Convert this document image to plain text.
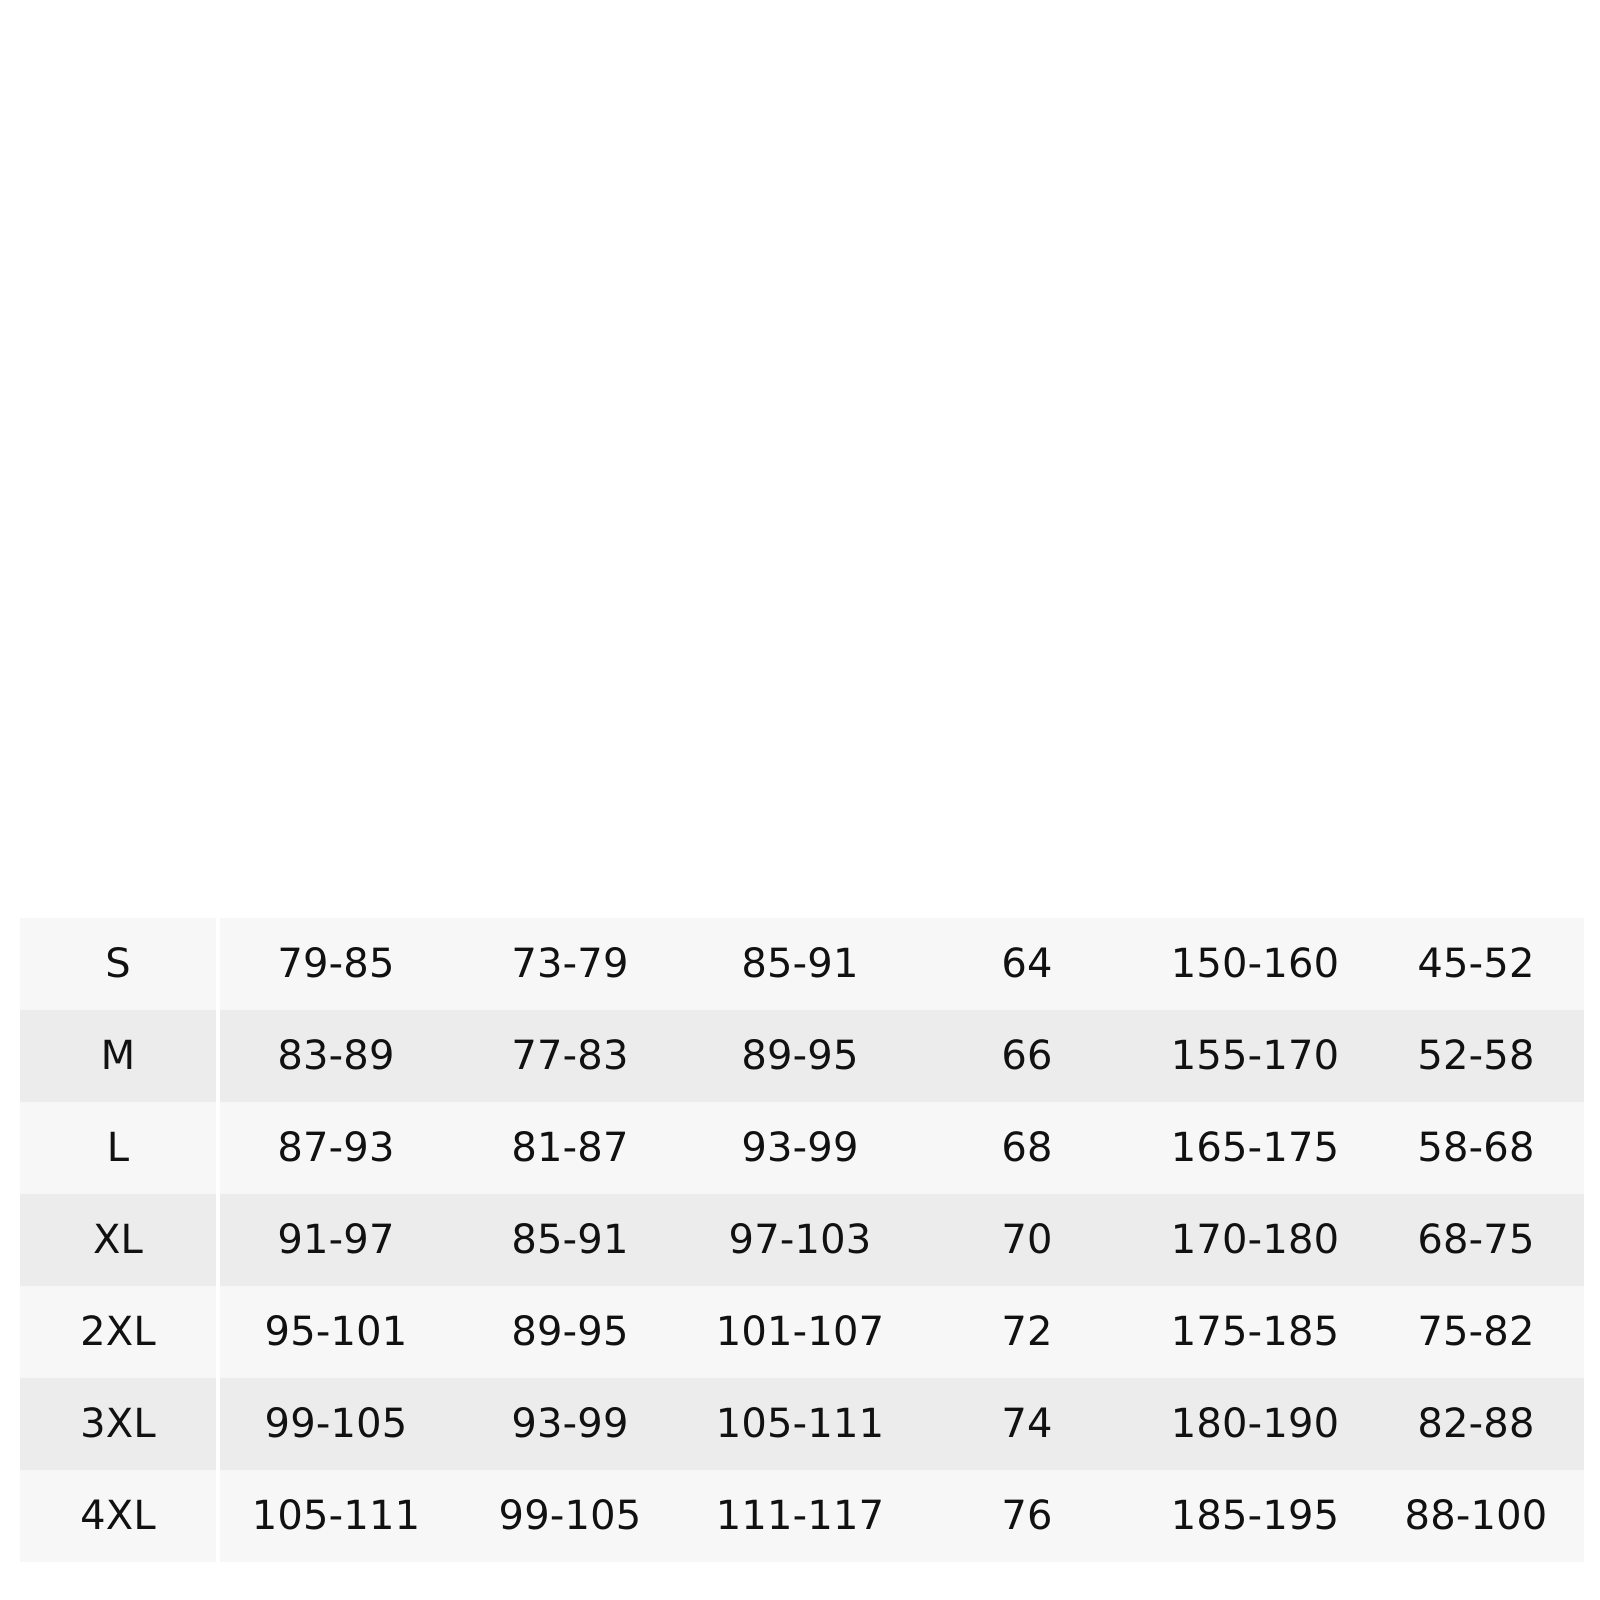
S	79-85	73-79	85-91	64	150-160	45-52
M	83-89	77-83	89-95	66	155-170	52-58
L	87-93	81-87	93-99	68	165-175	58-68
XL	91-97	85-91	97-103	70	170-180	68-75
2XL	95-101	89-95	101-107	72	175-185	75-82
3XL	99-105	93-99	105-111	74	180-190	82-88
4XL	105-111	99-105	111-117	76	185-195	88-100
